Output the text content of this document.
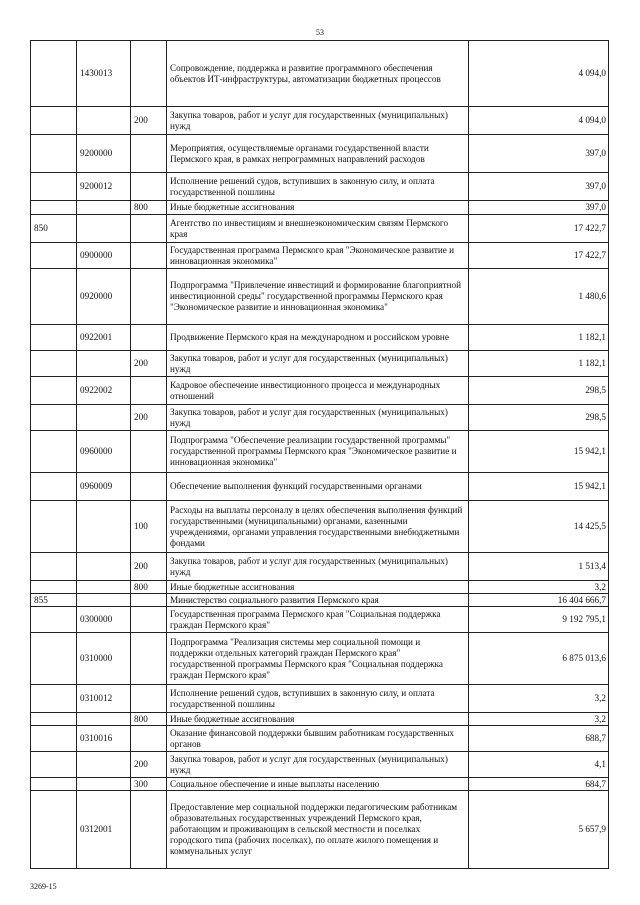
53
	1430013		Сопровождение, поддержка и развитие программного обеспечения объектов ИТ-инфраструктуры, автоматизации бюджетных процессов	4 094,0
		200	Закупка товаров, работ и услуг для государственных (муниципальных) нужд	4 094,0
	9200000		Мероприятия, осуществляемые органами государственной власти Пермского края, в рамках непрограммных направлений расходов	397,0
	9200012		Исполнение решений судов, вступивших в законную силу, и оплата государственной пошлины	397,0
		800	Иные бюджетные ассигнования	397,0
850			Агентство по инвестициям и внешнеэкономическим связям Пермского края	17 422,7
	0900000		Государственная программа Пермского края "Экономическое развитие и инновационная экономика"	17 422,7
	0920000		Подпрограмма "Привлечение инвестиций и формирование благоприятной инвестиционной среды" государственной программы Пермского края "Экономическое развитие и инновационная экономика"	1 480,6
	0922001		Продвижение Пермского края на международном и российском уровне	1 182,1
		200	Закупка товаров, работ и услуг для государственных (муниципальных) нужд	1 182,1
	0922002		Кадровое обеспечение инвестиционного процесса и международных отношений	298,5
		200	Закупка товаров, работ и услуг для государственных (муниципальных) нужд	298,5
	0960000		Подпрограмма "Обеспечение реализации государственной программы" государственной программы Пермского края "Экономическое развитие и инновационная экономика"	15 942,1
	0960009		Обеспечение выполнения функций государственными органами	15 942,1
		100	Расходы на выплаты персоналу в целях обеспечения выполнения функций государственными (муниципальными) органами, казенными учреждениями, органами управления государственными внебюджетными фондами	14 425,5
		200	Закупка товаров, работ и услуг для государственных (муниципальных) нужд	1 513,4
		800	Иные бюджетные ассигнования	3,2
855			Министерство социального развития Пермского края	16 404 666,7
	0300000		Государственная программа Пермского края "Социальная поддержка граждан Пермского края"	9 192 795,1
	0310000		Подпрограмма "Реализация системы мер социальной помощи и поддержки отдельных категорий граждан Пермского края" государственной программы Пермского края "Социальная поддержка граждан Пермского края"	6 875 013,6
	0310012		Исполнение решений судов, вступивших в законную силу, и оплата государственной пошлины	3,2
		800	Иные бюджетные ассигнования	3,2
	0310016		Оказание финансовой поддержки бывшим работникам государственных органов	688,7
		200	Закупка товаров, работ и услуг для государственных (муниципальных) нужд	4,1
		300	Социальное обеспечение и иные выплаты населению	684,7
	0312001		Предоставление мер социальной поддержки педагогическим работникам образовательных государственных учреждений Пермского края, работающим и проживающим в сельской местности и поселках городского типа (рабочих поселках), по оплате жилого помещения и коммунальных услуг	5 657,9
3269-15
